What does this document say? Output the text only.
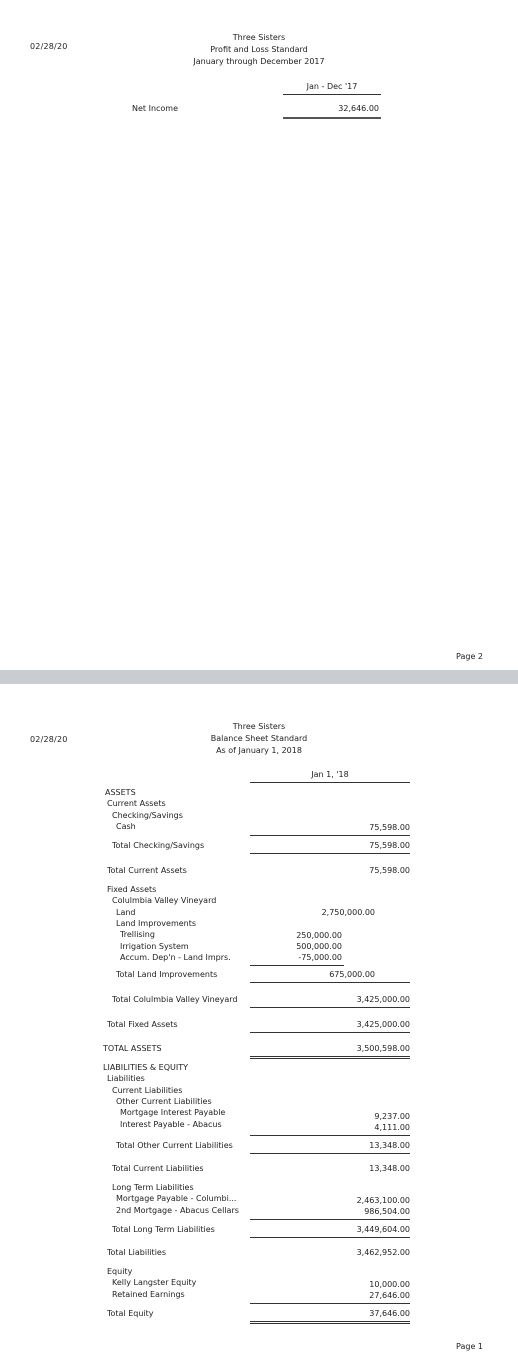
02/28/20
Three Sisters
Profit and Loss Standard
January through December 2017
Jan - Dec '17
Net Income	32,646.00
Page 2
02/28/20
Three Sisters
Balance Sheet Standard
As of January 1, 2018
Jan 1, '18
ASSETS
Current Assets
Checking/Savings
Cash	75,598.00
Total Checking/Savings	75,598.00
Total Current Assets	75,598.00
Fixed Assets
Colulmbia Valley Vineyard
Land	2,750,000.00
Land Improvements
Trellising	250,000.00
Irrigation System	500,000.00
Accum. Dep'n - Land Imprs.	-75,000.00
Total Land Improvements	675,000.00
Total Colulmbia Valley Vineyard	3,425,000.00
Total Fixed Assets	3,425,000.00
TOTAL ASSETS	3,500,598.00
LIABILITIES & EQUITY
Liabilities
Current Liabilities
Other Current Liabilities
Mortgage Interest Payable	9,237.00
Interest Payable - Abacus	4,111.00
Total Other Current Liabilities	13,348.00
Total Current Liabilities	13,348.00
Long Term Liabilities
Mortgage Payable - Columbi...	2,463,100.00
2nd Mortgage - Abacus Cellars	986,504.00
Total Long Term Liabilities	3,449,604.00
Total Liabilities	3,462,952.00
Equity
Kelly Langster Equity	10,000.00
Retained Earnings	27,646.00
Total Equity	37,646.00
Page 1
